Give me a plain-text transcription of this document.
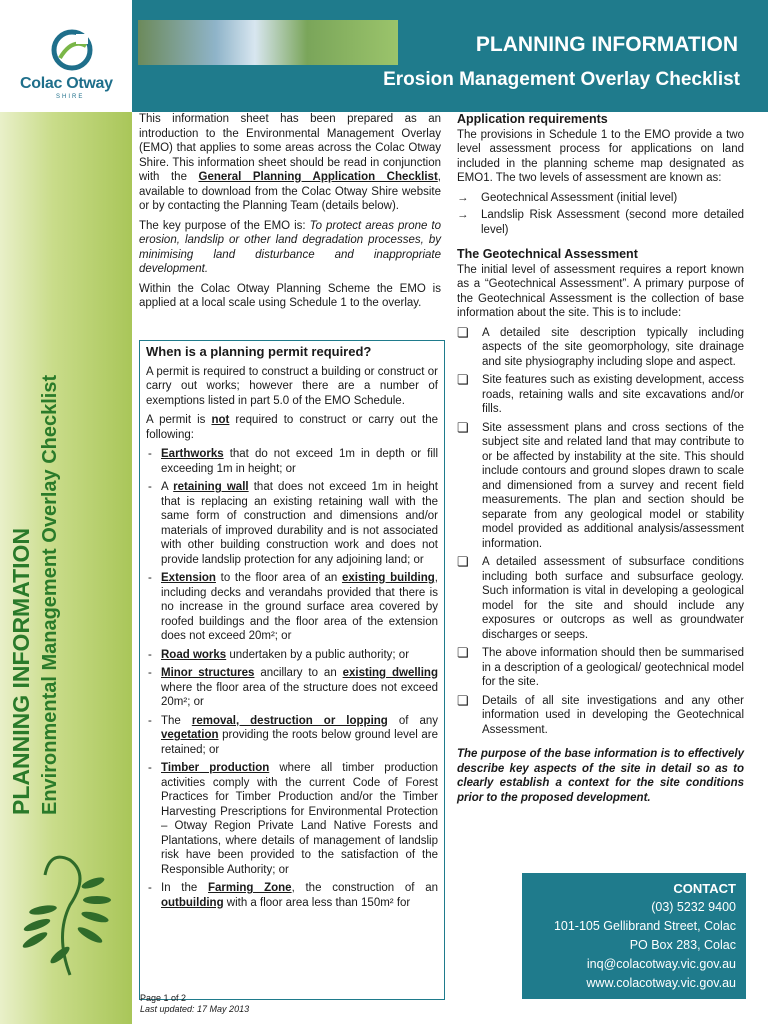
Colac Otway
SHIRE
PLANNING INFORMATION Environmental Management Overlay Checklist
PLANNING INFORMATION
Erosion Management Overlay Checklist

This information sheet has been prepared as an introduction to the Environmental Management Overlay (EMO) that applies to some areas across the Colac Otway Shire. This information sheet should be read in conjunction with the General Planning Application Checklist, available to download from the Colac Otway Shire website or by contacting the Planning Team (details below).

The key purpose of the EMO is: To protect areas prone to erosion, landslip or other land degradation processes, by minimising land disturbance and inappropriate development.

Within the Colac Otway Planning Scheme the EMO is applied at a local scale using Schedule 1 to the overlay.

When is a planning permit required?

A permit is required to construct a building or construct or carry out works; however there are a number of exemptions listed in part 5.0 of the EMO Schedule.

A permit is not required to construct or carry out the following:

- Earthworks that do not exceed 1m in depth or fill exceeding 1m in height; or
- A retaining wall that does not exceed 1m in height that is replacing an existing retaining wall with the same form of construction and dimensions and/or materials of improved durability and is not associated with other building construction work and does not provide landslip protection for any adjoining land; or
- Extension to the floor area of an existing building, including decks and verandahs provided that there is no increase in the ground surface area covered by roofed buildings and the floor area of the extension does not exceed 20m²; or
- Road works undertaken by a public authority; or
- Minor structures ancillary to an existing dwelling where the floor area of the structure does not exceed 20m²; or
- The removal, destruction or lopping of any vegetation providing the roots below ground level are retained; or
- Timber production where all timber production activities comply with the current Code of Forest Practices for Timber Production and/or the Timber Harvesting Prescriptions for Environmental Protection – Otway Region Private Land Native Forests and Plantations, where details of management of landslip risk have been provided to the satisfaction of the Responsible Authority; or
- In the Farming Zone, the construction of an outbuilding with a floor area less than 150m² for
Application requirements

The provisions in Schedule 1 to the EMO provide a two level assessment process for applications on land included in the planning scheme map designated as EMO1. The two levels of assessment are known as:

→	Geotechnical Assessment (initial level)
→	Landslip Risk Assessment (second more detailed level)
The Geotechnical Assessment

The initial level of assessment requires a report known as a “Geotechnical Assessment”. A primary purpose of the Geotechnical Assessment is the collection of base information about the site. This is to include:

❏	A detailed site description typically including aspects of the site geomorphology, site drainage and site physiography including slope and aspect.
❏	Site features such as existing development, access roads, retaining walls and site excavations and/or fills.
❏	Site assessment plans and cross sections of the subject site and related land that may contribute to or be affected by instability at the site. This should include contours and ground slopes drawn to scale and dimensioned from a survey and recent field measurements. The plan and section should be separate from any geological model or stability model provided as additional analysis/assessment information.
❏	A detailed assessment of subsurface conditions including both surface and subsurface geology. Such information is vital in developing a geological model for the site and should include any exposures or outcrops as well as groundwater discharges or seeps.
❏	The above information should then be summarised in a description of a geological/ geotechnical model for the site.
❏	Details of all site investigations and any other information used in developing the Geotechnical Assessment.

The purpose of the base information is to effectively describe key aspects of the site in detail so as to clearly establish a context for the site conditions prior to the proposed development.

CONTACT
(03) 5232 9400
101-105 Gellibrand Street, Colac
PO Box 283, Colac
inq@colacotway.vic.gov.au
www.colacotway.vic.gov.au
Page 1 of 2
Last updated: 17 May 2013
